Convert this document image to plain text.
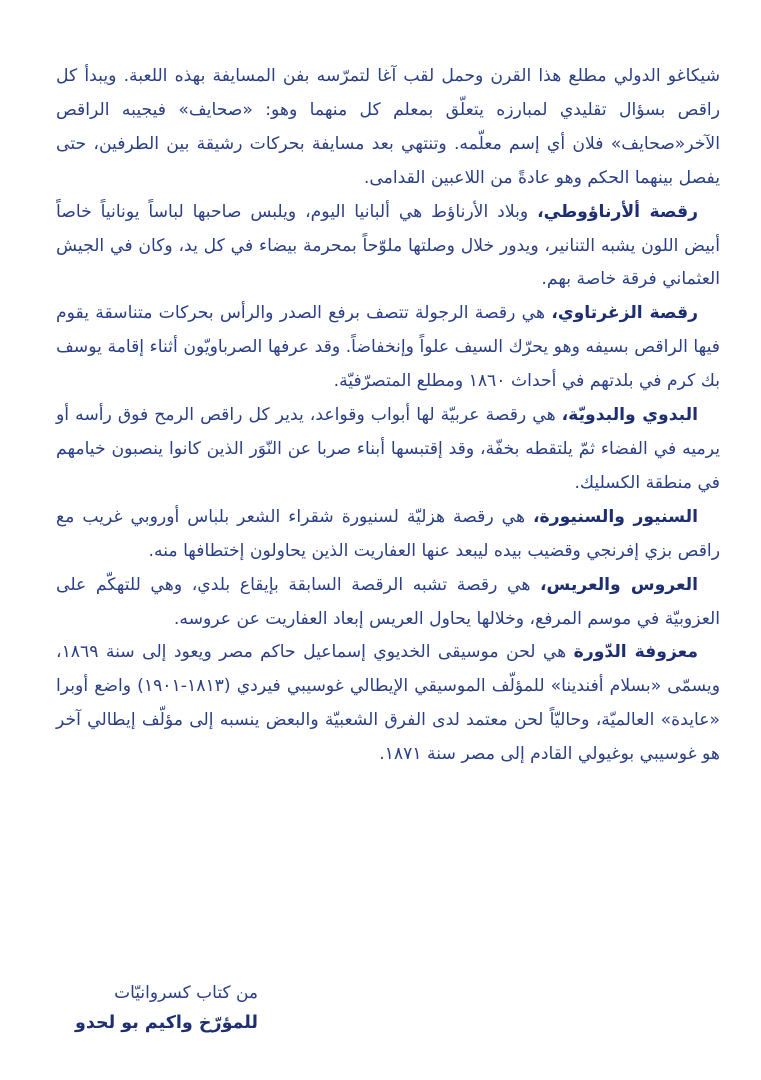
شيكاغو الدولي مطلع هذا القرن وحمل لقب آغا لتمرّسه بفن المسايفة بهذه اللعبة. ويبدأ كل راقص بسؤال تقليدي لمبارزه يتعلّق بمعلم كل منهما وهو: «صحايف» فيجيبه الراقص الآخر«صحايف» فلان أي إسم معلّمه. وتنتهي بعد مسايفة بحركات رشيقة بين الطرفين، حتى يفصل بينهما الحكم وهو عادةً من اللاعبين القدامى.

رقصة ألأرناؤوطي، وبلاد الأرناؤط هي ألبانيا اليوم، ويلبس صاحبها لباساً يونانياً خاصاً أبيض اللون يشبه التنانير، ويدور خلال وصلتها ملوّحاً بمحرمة بيضاء في كل يد، وكان في الجيش العثماني فرقة خاصة بهم.

رقصة الزغرتاوي، هي رقصة الرجولة تتصف برفع الصدر والرأس بحركات متناسقة يقوم فيها الراقص بسيفه وهو يحرّك السيف علواً وإنخفاضاً. وقد عرفها الصرباويّون أثناء إقامة يوسف بك كرم في بلدتهم في أحداث ١٨٦٠ ومطلع المتصرّفيّة.

البدوي والبدويّة، هي رقصة عربيّة لها أبواب وقواعد، يدير كل راقص الرمح فوق رأسه أو يرميه في الفضاء ثمّ يلتقطه بخفّة، وقد إقتبسها أبناء صربا عن النّوَر الذين كانوا ينصبون خيامهم في منطقة الكسليك.

السنيور والسنيورة، هي رقصة هزليّة لسنيورة شقراء الشعر بلباس أوروبي غريب مع راقص بزي إفرنجي وقضيب بيده ليبعد عنها العفاريت الذين يحاولون إختطافها منه.

العروس والعريس، هي رقصة تشبه الرقصة السابقة بإيقاع بلدي، وهي للتهكّم على العزوبيّة في موسم المرفع، وخلالها يحاول العريس إبعاد العفاريت عن عروسه.

معزوفة الدّورة هي لحن موسيقى الخديوي إسماعيل حاكم مصر ويعود إلى سنة ١٨٦٩، ويسمّى «بسلام أفندينا» للمؤلّف الموسيقي الإيطالي غوسيبي فيردي (١٨١٣-١٩٠١) واضع أوبرا «عايدة» العالميّة، وحاليّاً لحن معتمد لدى الفرق الشعبيّة والبعض ينسبه إلى مؤلّف إيطالي آخر هو غوسيبي بوغيولي القادم إلى مصر سنة ١٨٧١.

من كتاب كسروانيّات
للمؤرّخ واكيم بو لحدو
